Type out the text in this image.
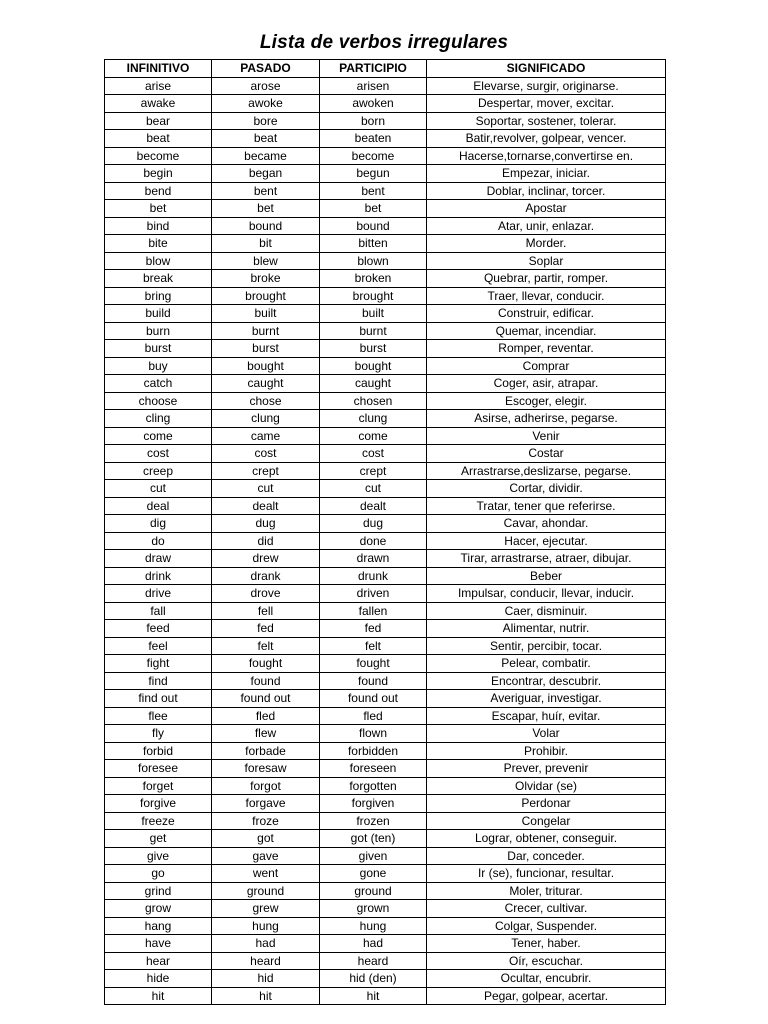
Lista de verbos irregulares
INFINITIVO	PASADO	PARTICIPIO	SIGNIFICADO
arise	arose	arisen	Elevarse, surgir, originarse.
awake	awoke	awoken	Despertar, mover, excitar.
bear	bore	born	Soportar, sostener, tolerar.
beat	beat	beaten	Batir,revolver, golpear, vencer.
become	became	become	Hacerse,tornarse,convertirse en.
begin	began	begun	Empezar, iniciar.
bend	bent	bent	Doblar, inclinar, torcer.
bet	bet	bet	Apostar
bind	bound	bound	Atar, unir, enlazar.
bite	bit	bitten	Morder.
blow	blew	blown	Soplar
break	broke	broken	Quebrar, partir, romper.
bring	brought	brought	Traer, llevar, conducir.
build	built	built	Construir, edificar.
burn	burnt	burnt	Quemar, incendiar.
burst	burst	burst	Romper, reventar.
buy	bought	bought	Comprar
catch	caught	caught	Coger, asir, atrapar.
choose	chose	chosen	Escoger, elegir.
cling	clung	clung	Asirse, adherirse, pegarse.
come	came	come	Venir
cost	cost	cost	Costar
creep	crept	crept	Arrastrarse,deslizarse, pegarse.
cut	cut	cut	Cortar, dividir.
deal	dealt	dealt	Tratar, tener que referirse.
dig	dug	dug	Cavar, ahondar.
do	did	done	Hacer, ejecutar.
draw	drew	drawn	Tirar, arrastrarse, atraer, dibujar.
drink	drank	drunk	Beber
drive	drove	driven	Impulsar, conducir, llevar, inducir.
fall	fell	fallen	Caer, disminuir.
feed	fed	fed	Alimentar, nutrir.
feel	felt	felt	Sentir, percibir, tocar.
fight	fought	fought	Pelear, combatir.
find	found	found	Encontrar, descubrir.
find out	found out	found out	Averiguar, investigar.
flee	fled	fled	Escapar, huír, evitar.
fly	flew	flown	Volar
forbid	forbade	forbidden	Prohibir.
foresee	foresaw	foreseen	Prever, prevenir
forget	forgot	forgotten	Olvidar (se)
forgive	forgave	forgiven	Perdonar
freeze	froze	frozen	Congelar
get	got	got (ten)	Lograr, obtener, conseguir.
give	gave	given	Dar, conceder.
go	went	gone	Ir (se), funcionar, resultar.
grind	ground	ground	Moler, triturar.
grow	grew	grown	Crecer, cultivar.
hang	hung	hung	Colgar, Suspender.
have	had	had	Tener, haber.
hear	heard	heard	Oír, escuchar.
hide	hid	hid (den)	Ocultar, encubrir.
hit	hit	hit	Pegar, golpear, acertar.
